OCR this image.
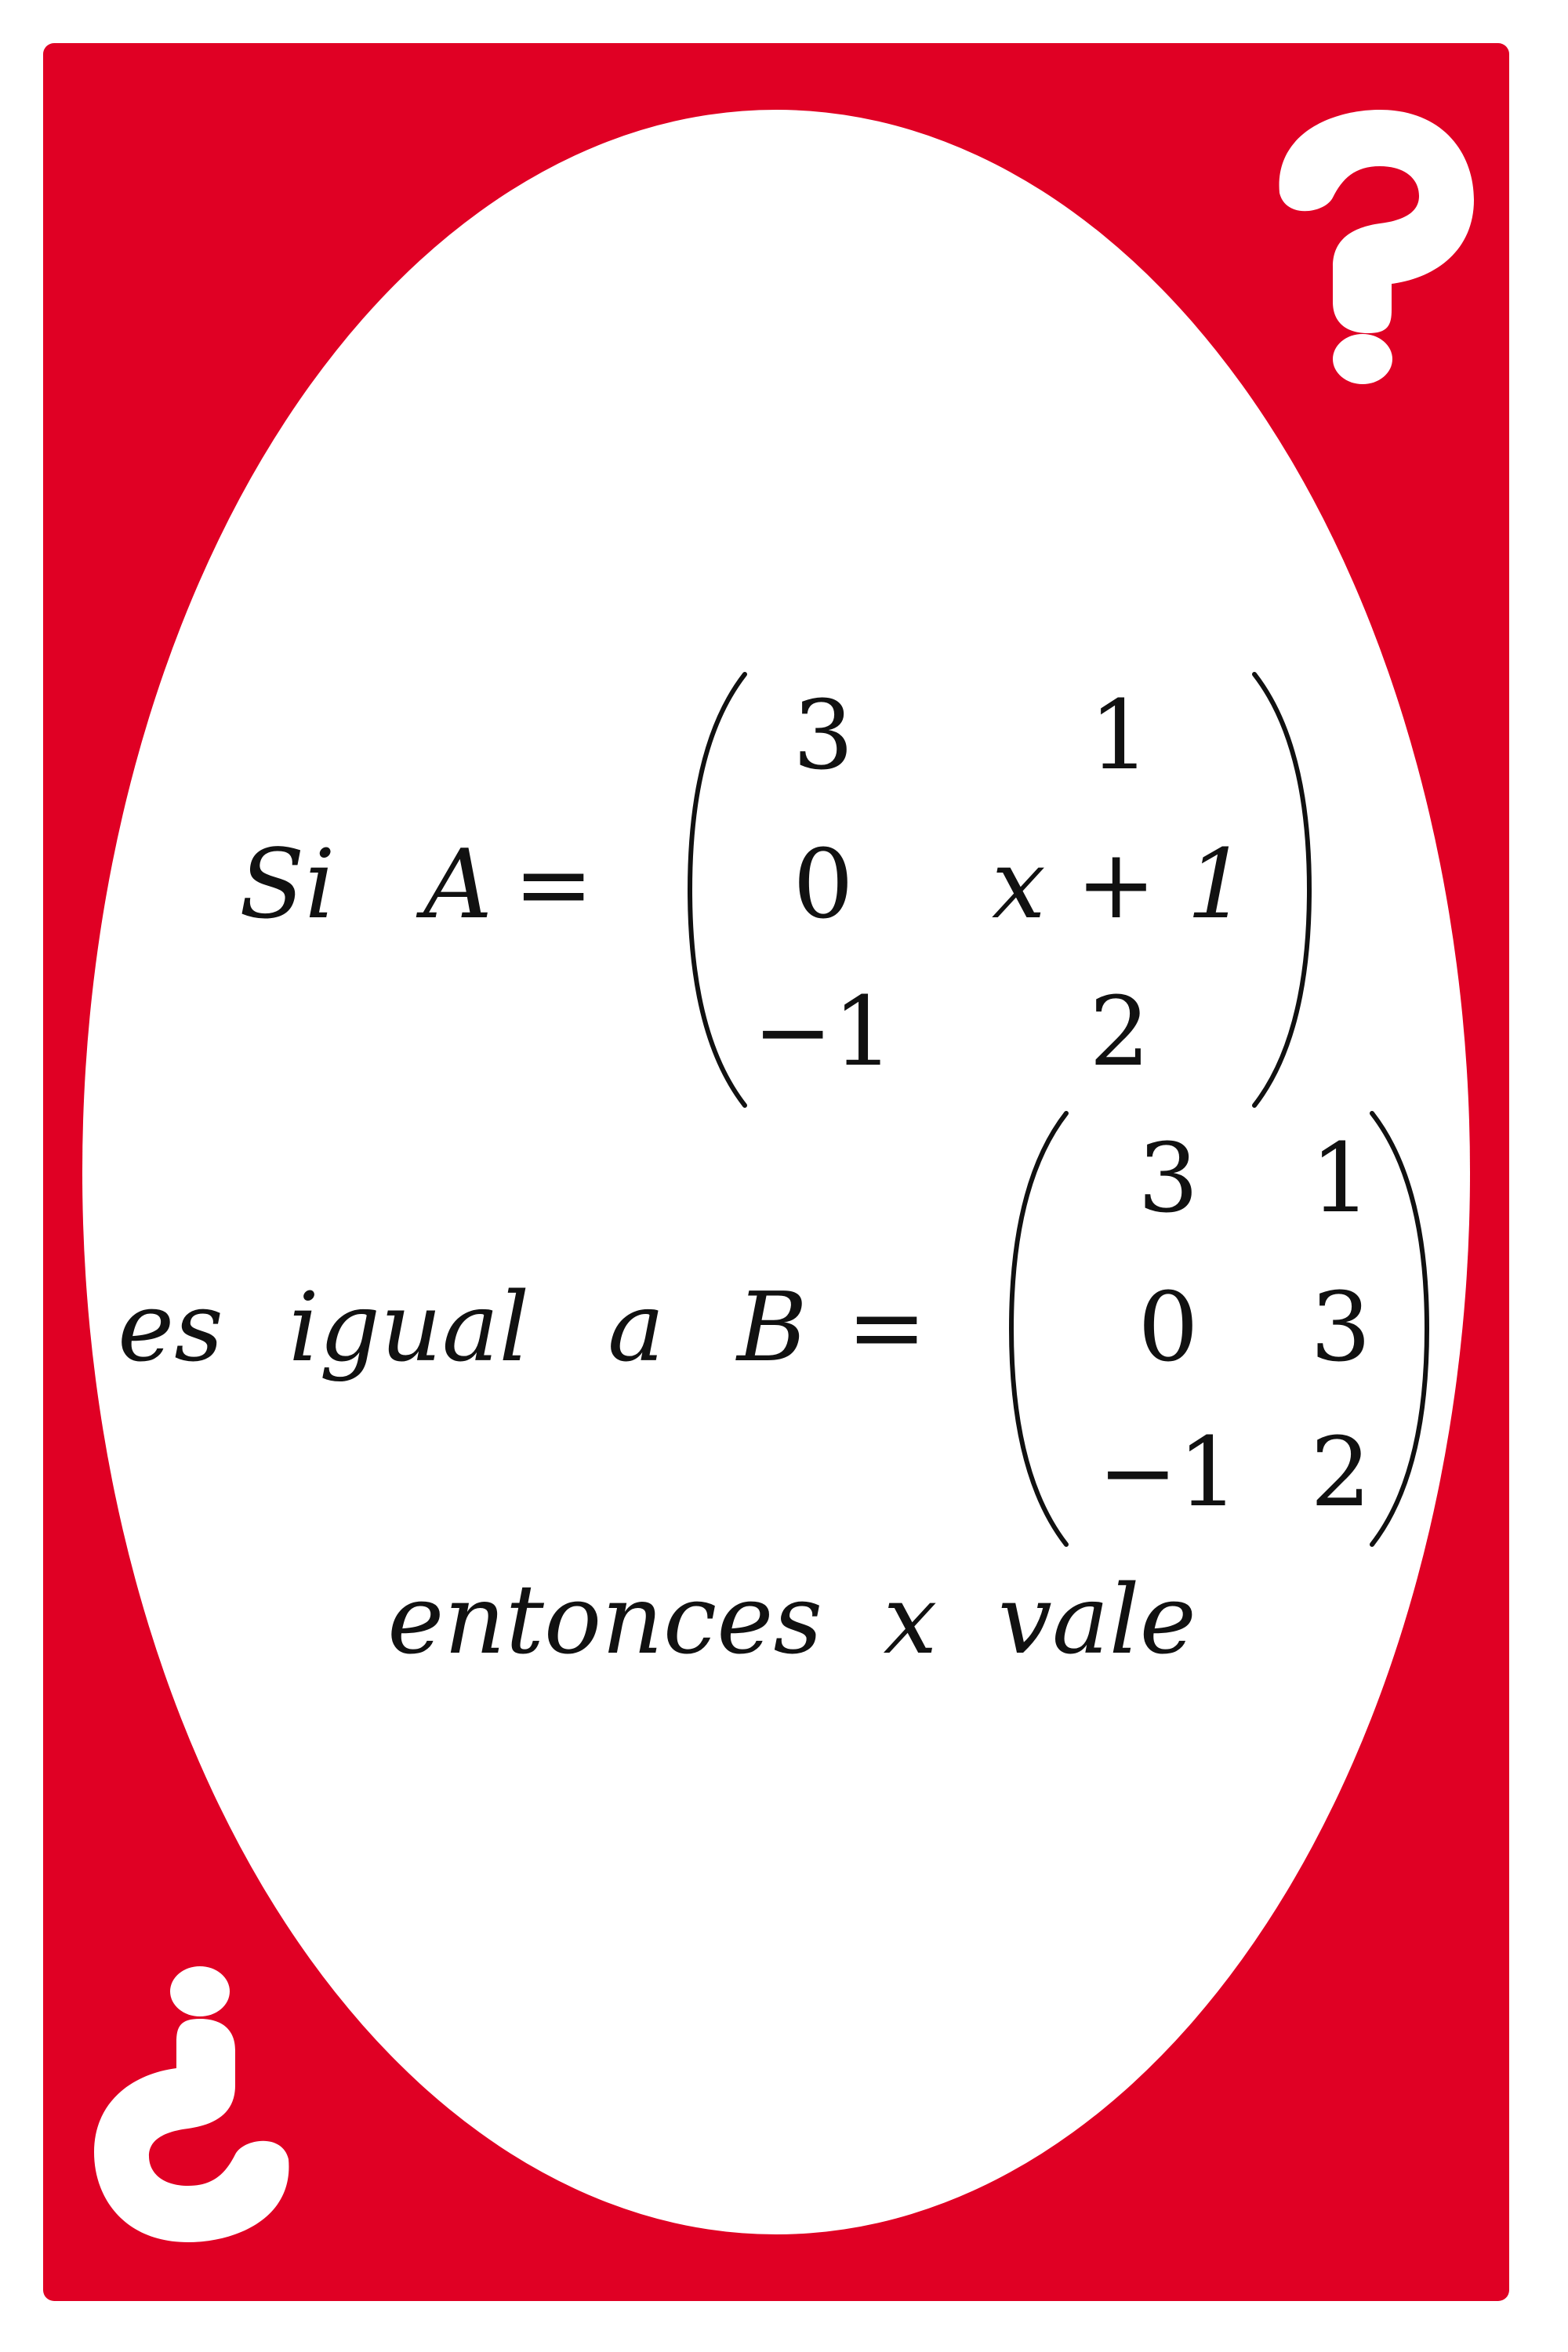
Si A =
3 1
0 x + 1
−1 2
es igual a B =
3 1
0 3
−1 2
entonces  x  vale
